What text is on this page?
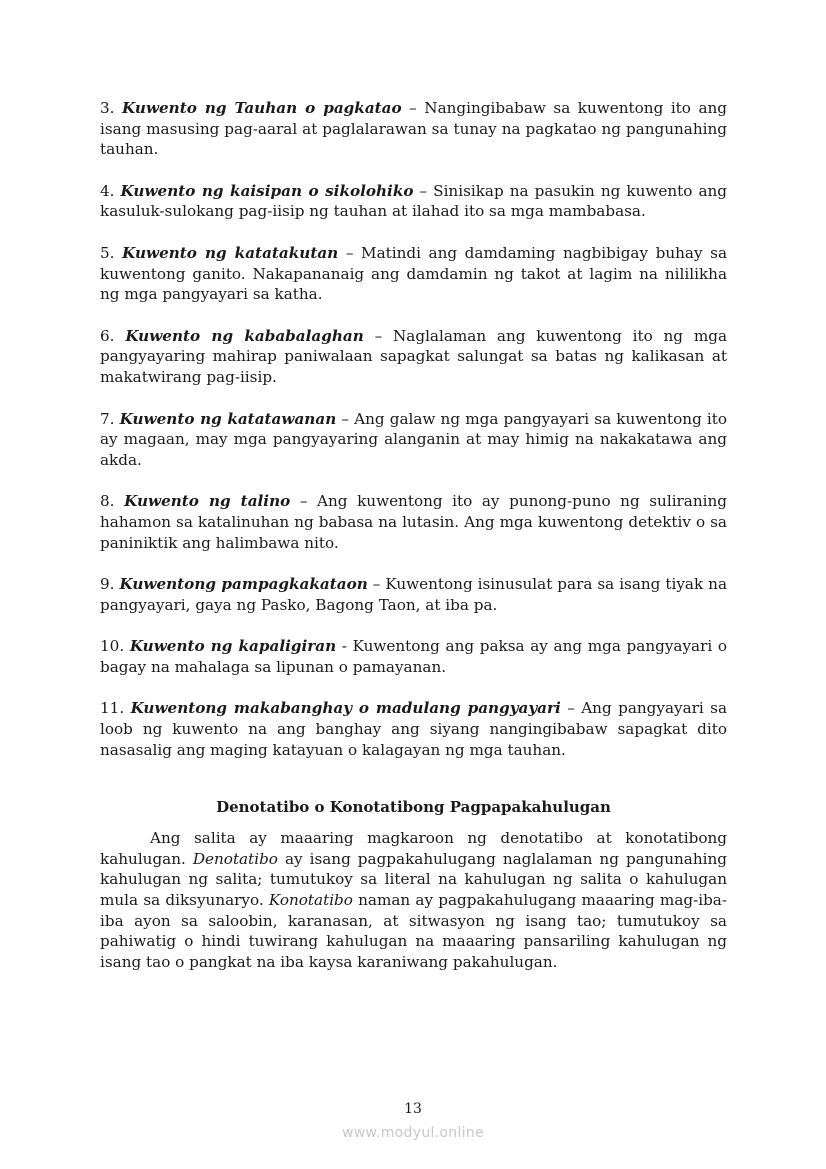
3. Kuwento ng Tauhan o pagkatao – Nangingibabaw sa kuwentong ito ang isang masusing pag-aaral at paglalarawan sa tunay na pagkatao ng pangunahing tauhan.

4. Kuwento ng kaisipan o sikolohiko – Sinisikap na pasukin ng kuwento ang kasuluk-sulokang pag-iisip ng tauhan at ilahad ito sa mga mambabasa.

5. Kuwento ng katatakutan – Matindi ang damdaming nagbibigay buhay sa kuwentong ganito. Nakapananaig ang damdamin ng takot at lagim na nililikha ng mga pangyayari sa katha.

6. Kuwento ng kababalaghan – Naglalaman ang kuwentong ito ng mga pangyayaring mahirap paniwalaan sapagkat salungat sa batas ng kalikasan at makatwirang pag-iisip.

7. Kuwento ng katatawanan – Ang galaw ng mga pangyayari sa kuwentong ito ay magaan, may mga pangyayaring alanganin at may himig na nakakatawa ang akda.

8. Kuwento ng talino – Ang kuwentong ito ay punong-puno ng suliraning hahamon sa katalinuhan ng babasa na lutasin. Ang mga kuwentong detektiv o sa paniniktik ang halimbawa nito.

9. Kuwentong pampagkakataon – Kuwentong isinusulat para sa isang tiyak na pangyayari, gaya ng Pasko, Bagong Taon, at iba pa.

10. Kuwento ng kapaligiran - Kuwentong ang paksa ay ang mga pangyayari o bagay na mahalaga sa lipunan o pamayanan.

11. Kuwentong makabanghay o madulang pangyayari – Ang pangyayari sa loob ng kuwento na ang banghay ang siyang nangingibabaw sapagkat dito nasasalig ang maging katayuan o kalagayan ng mga tauhan.

Denotatibo o Konotatibong Pagpapakahulugan

Ang salita ay maaaring magkaroon ng denotatibo at konotatibong kahulugan. Denotatibo ay isang pagpakahulugang naglalaman ng pangunahing kahulugan ng salita; tumutukoy sa literal na kahulugan ng salita o kahulugan mula sa diksyunaryo. Konotatibo naman ay pagpakahulugang maaaring mag-iba-iba ayon sa saloobin, karanasan, at sitwasyon ng isang tao; tumutukoy sa pahiwatig o hindi tuwirang kahulugan na maaaring pansariling kahulugan ng isang tao o pangkat na iba kaysa karaniwang pakahulugan.

13
www.modyul.online
